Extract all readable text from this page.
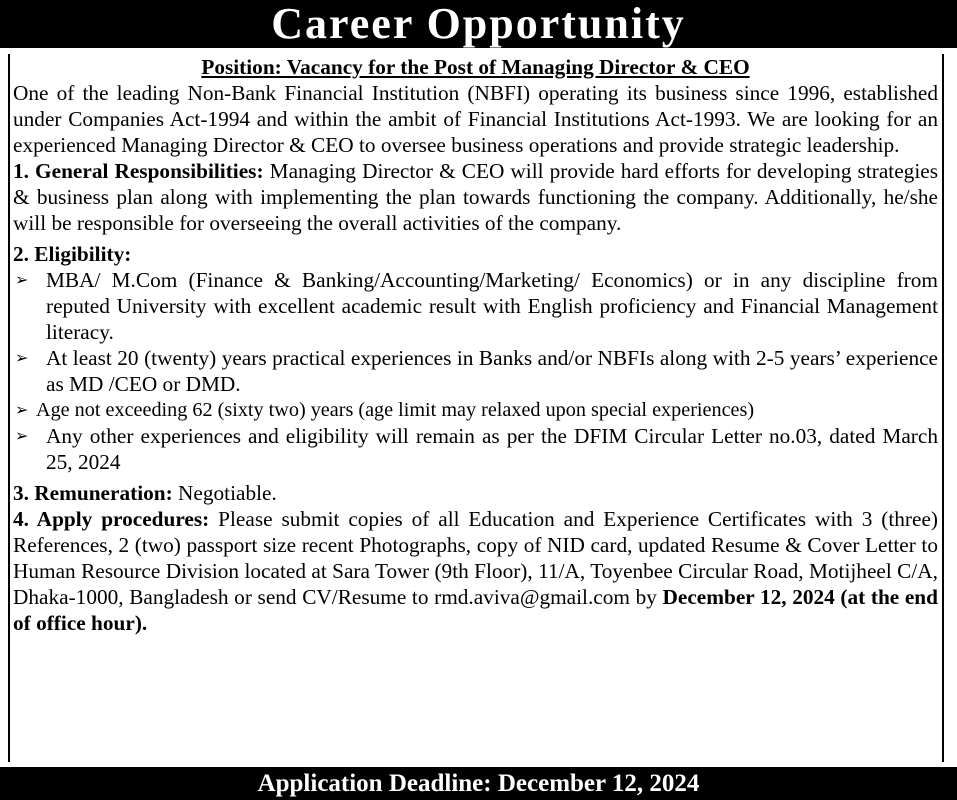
Career Opportunity
Position: Vacancy for the Post of Managing Director & CEO
One of the leading Non-Bank Financial Institution (NBFI) operating its business since 1996, established under Companies Act-1994 and within the ambit of Financial Institutions Act-1993. We are looking for an experienced Managing Director & CEO to oversee business operations and provide strategic leadership.
1. General Responsibilities: Managing Director & CEO will provide hard efforts for developing strategies & business plan along with implementing the plan towards functioning the company. Additionally, he/she will be responsible for overseeing the overall activities of the company.
2. Eligibility:
➢ MBA/ M.Com (Finance & Banking/Accounting/Marketing/ Economics) or in any discipline from reputed University with excellent academic result with English proficiency and Financial Management literacy.
➢ At least 20 (twenty) years practical experiences in Banks and/or NBFIs along with 2-5 years’ experience as MD /CEO or DMD.
➢ Age not exceeding 62 (sixty two) years (age limit may relaxed upon special experiences)
➢ Any other experiences and eligibility will remain as per the DFIM Circular Letter no.03, dated March 25, 2024
3. Remuneration: Negotiable.
4. Apply procedures: Please submit copies of all Education and Experience Certificates with 3 (three) References, 2 (two) passport size recent Photographs, copy of NID card, updated Resume & Cover Letter to Human Resource Division located at Sara Tower (9th Floor), 11/A, Toyenbee Circular Road, Motijheel C/A, Dhaka-1000, Bangladesh or send CV/Resume to rmd.aviva@gmail.com by December 12, 2024 (at the end of office hour).
Application Deadline: December 12, 2024
